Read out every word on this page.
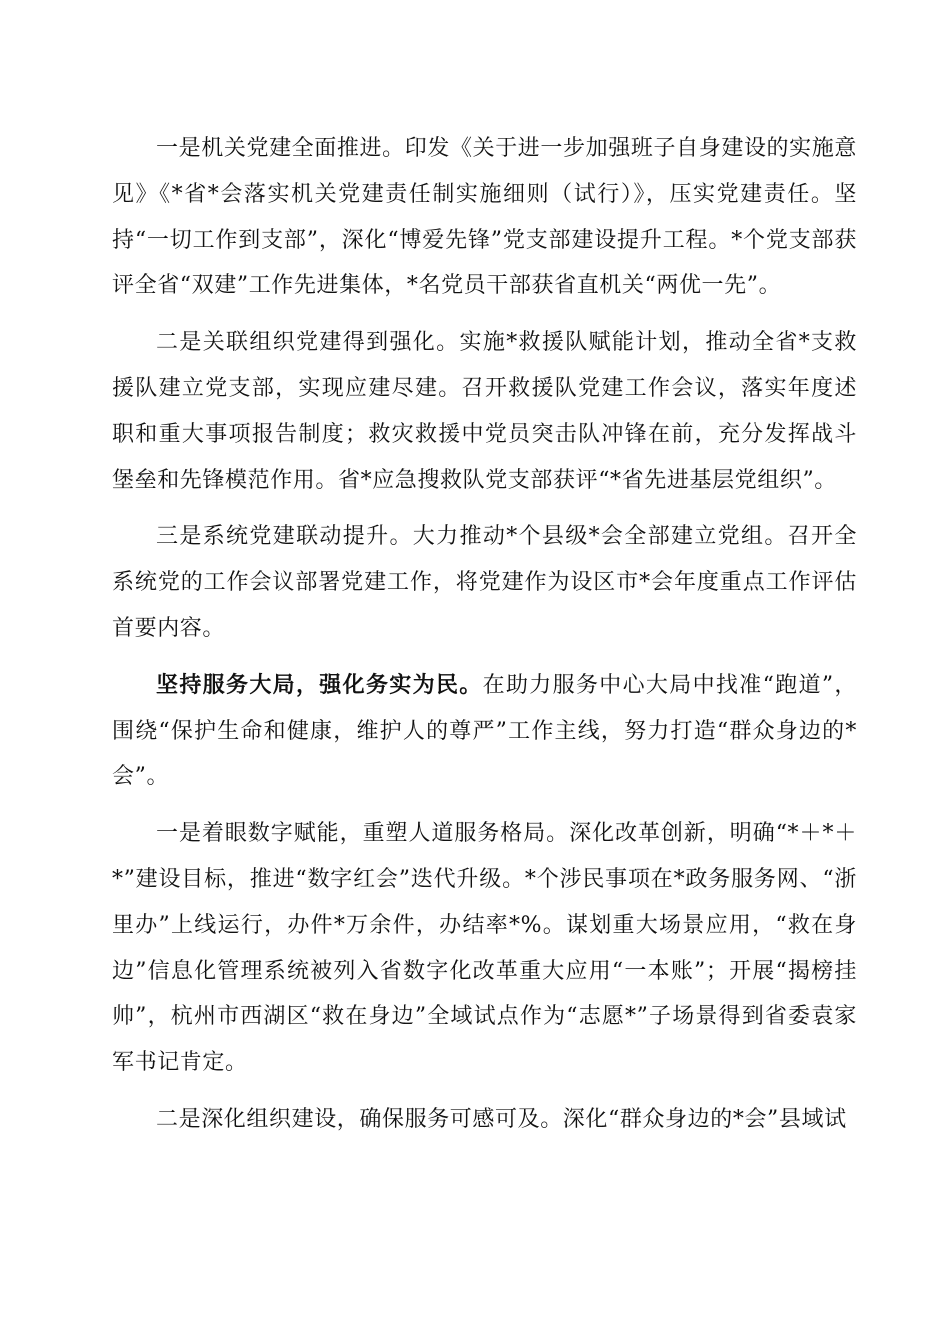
一是机关党建全面推进。印发《关于进一步加强班子自身建设的实施意见》《*省*会落实机关党建责任制实施细则（试行）》，压实党建责任。坚持“一切工作到支部”，深化“博爱先锋”党支部建设提升工程。*个党支部获评全省“双建”工作先进集体，*名党员干部获省直机关“两优一先”。

二是关联组织党建得到强化。实施*救援队赋能计划，推动全省*支救援队建立党支部，实现应建尽建。召开救援队党建工作会议，落实年度述职和重大事项报告制度；救灾救援中党员突击队冲锋在前，充分发挥战斗堡垒和先锋模范作用。省*应急搜救队党支部获评“*省先进基层党组织”。

三是系统党建联动提升。大力推动*个县级*会全部建立党组。召开全系统党的工作会议部署党建工作，将党建作为设区市*会年度重点工作评估首要内容。

坚持服务大局，强化务实为民。在助力服务中心大局中找准“跑道”，围绕“保护生命和健康，维护人的尊严”工作主线，努力打造“群众身边的*会”。

一是着眼数字赋能，重塑人道服务格局。深化改革创新，明确“*＋*＋*”建设目标，推进“数字红会”迭代升级。*个涉民事项在*政务服务网、“浙里办”上线运行，办件*万余件，办结率*%。谋划重大场景应用，“救在身边”信息化管理系统被列入省数字化改革重大应用“一本账”；开展“揭榜挂帅”，杭州市西湖区“救在身边”全域试点作为“志愿*”子场景得到省委袁家军书记肯定。

二是深化组织建设，确保服务可感可及。深化“群众身边的*会”县域试
